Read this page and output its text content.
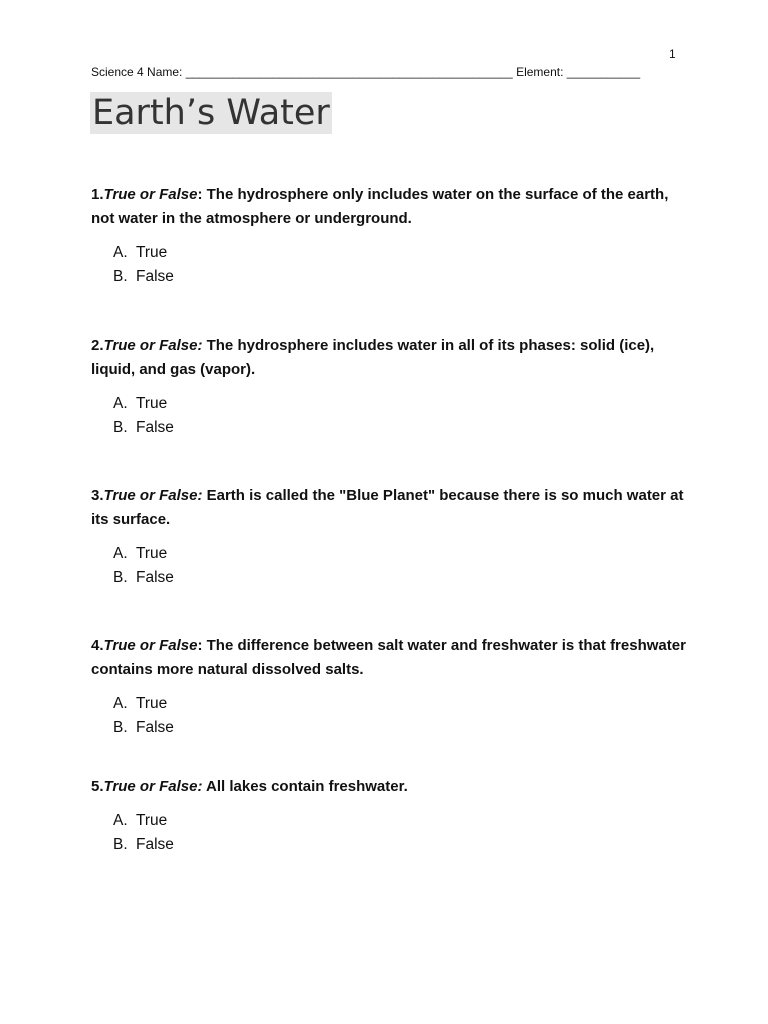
1
Science 4 Name: _________________________________________________ Element: ___________
Earth’s Water

1.True or False: The hydrosphere only includes water on the surface of the earth, not water in the atmosphere or underground.

A. True
B. False

2.True or False: The hydrosphere includes water in all of its phases: solid (ice), liquid, and gas (vapor).

A. True
B. False

3.True or False: Earth is called the "Blue Planet" because there is so much water at its surface.

A. True
B. False

4.True or False: The difference between salt water and freshwater is that freshwater contains more natural dissolved salts.

A. True
B. False

5.True or False: All lakes contain freshwater.

A. True
B. False
